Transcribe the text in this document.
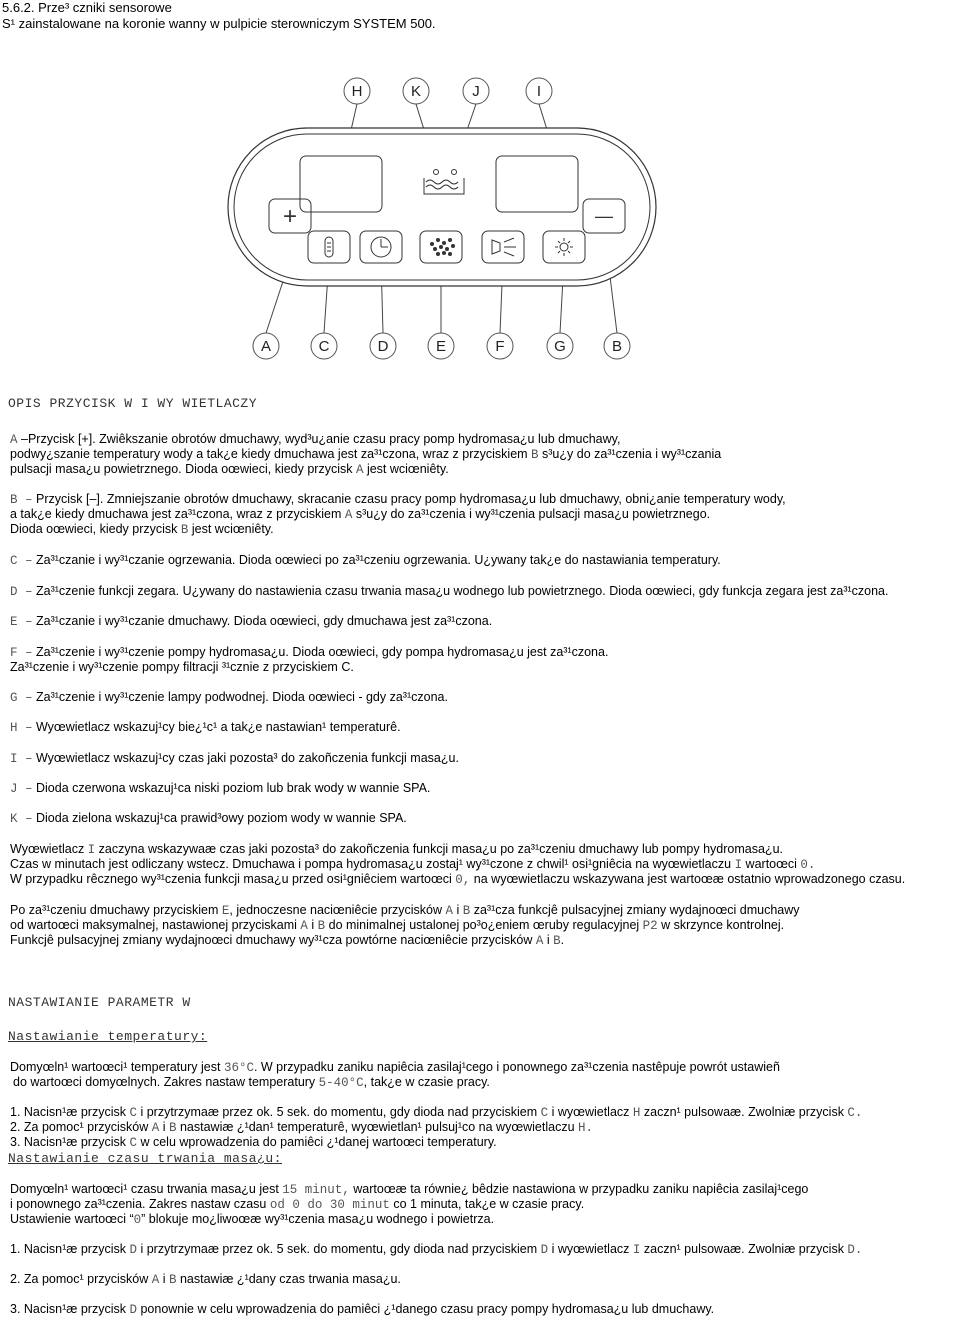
5.6.2. Prze³ czniki sensorowe
S¹ zainstalowane na koronie wanny w pulpicie sterowniczym SYSTEM 500.
H	K	J	I
+	—
A	C	D	E	F	G	B
OPIS PRZYCISK W I WY WIETLACZY
A –Przycisk [+]. Zwiêkszanie obrotów dmuchawy, wyd³u¿anie czasu pracy pomp hydromasa¿u lub dmuchawy,
podwy¿szanie temperatury wody a tak¿e kiedy dmuchawa jest za³¹czona, wraz z przyciskiem B s³u¿y do za³¹czenia i wy³¹czania
pulsacji masa¿u powietrznego. Dioda oœwieci, kiedy przycisk A jest wciœniêty.
B – Przycisk [–]. Zmniejszanie obrotów dmuchawy, skracanie czasu pracy pomp hydromasa¿u lub dmuchawy, obni¿anie temperatury wody,
a tak¿e kiedy dmuchawa jest za³¹czona, wraz z przyciskiem A s³u¿y do za³¹czenia i wy³¹czenia pulsacji masa¿u powietrznego.
Dioda oœwieci, kiedy przycisk B jest wciœniêty.
C – Za³¹czanie i wy³¹czanie ogrzewania. Dioda oœwieci po za³¹czeniu ogrzewania. U¿ywany tak¿e do nastawiania temperatury.
D – Za³¹czenie funkcji zegara. U¿ywany do nastawienia czasu trwania masa¿u wodnego lub powietrznego. Dioda oœwieci, gdy funkcja zegara jest za³¹czona.
E – Za³¹czanie i wy³¹czanie dmuchawy. Dioda oœwieci, gdy dmuchawa jest za³¹czona.
F – Za³¹czenie i wy³¹czenie pompy hydromasa¿u. Dioda oœwieci, gdy pompa hydromasa¿u jest za³¹czona.
Za³¹czenie i wy³¹czenie pompy filtracji ³¹cznie z przyciskiem C.
G – Za³¹czenie i wy³¹czenie lampy podwodnej. Dioda oœwieci - gdy za³¹czona.
H – Wyœwietlacz wskazuj¹cy bie¿¹c¹ a tak¿e nastawian¹ temperaturê.
I – Wyœwietlacz wskazuj¹cy czas jaki pozosta³ do zakoñczenia funkcji masa¿u.
J – Dioda czerwona wskazuj¹ca niski poziom lub brak wody w wannie SPA.
K – Dioda zielona wskazuj¹ca prawid³owy poziom wody w wannie SPA.
Wyœwietlacz I zaczyna wskazywaæ czas jaki pozosta³ do zakoñczenia funkcji masa¿u po za³¹czeniu dmuchawy lub pompy hydromasa¿u.
Czas w minutach jest odliczany wstecz. Dmuchawa i pompa hydromasa¿u zostaj¹ wy³¹czone z chwil¹ osi¹gniêcia na wyœwietlaczu I wartoœci 0.
W przypadku rêcznego wy³¹czenia funkcji masa¿u przed osi¹gniêciem wartoœci 0, na wyœwietlaczu wskazywana jest wartoœæ ostatnio wprowadzonego czasu.
Po za³¹czeniu dmuchawy przyciskiem E, jednoczesne naciœniêcie przycisków A i B za³¹cza funkcjê pulsacyjnej zmiany wydajnoœci dmuchawy
od wartoœci maksymalnej, nastawionej przyciskami A i B do minimalnej ustalonej po³o¿eniem œruby regulacyjnej P2 w skrzynce kontrolnej.
Funkcjê pulsacyjnej zmiany wydajnoœci dmuchawy wy³¹cza powtórne naciœniêcie przycisków A i B.
NASTAWIANIE PARAMETR W
Nastawianie temperatury:
Domyœln¹ wartoœci¹ temperatury jest 36°C. W przypadku zaniku napiêcia zasilaj¹cego i ponownego za³¹czenia nastêpuje powrót ustawieñ
do wartoœci domyœlnych. Zakres nastaw temperatury 5-40°C, tak¿e w czasie pracy.
1. Nacisn¹æ przycisk C i przytrzymaæ przez ok. 5 sek. do momentu, gdy dioda nad przyciskiem C i wyœwietlacz H zaczn¹ pulsowaæ. Zwolniæ przycisk C.
2. Za pomoc¹ przycisków A i B nastawiæ ¿¹dan¹ temperaturê, wyœwietlan¹ pulsuj¹co na wyœwietlaczu H.
3. Nacisn¹æ przycisk C w celu wprowadzenia do pamiêci ¿¹danej wartoœci temperatury.
Nastawianie czasu trwania masa¿u:
Domyœln¹ wartoœci¹ czasu trwania masa¿u jest 15 minut, wartoœæ ta równie¿ bêdzie nastawiona w przypadku zaniku napiêcia zasilaj¹cego
i ponownego za³¹czenia. Zakres nastaw czasu od 0 do 30 minut co 1 minuta, tak¿e w czasie pracy.
Ustawienie wartoœci “0” blokuje mo¿liwoœæ wy³¹czenia masa¿u wodnego i powietrza.
1. Nacisn¹æ przycisk D i przytrzymaæ przez ok. 5 sek. do momentu, gdy dioda nad przyciskiem D i wyœwietlacz I zaczn¹ pulsowaæ. Zwolniæ przycisk D.
2. Za pomoc¹ przycisków A i B nastawiæ ¿¹dany czas trwania masa¿u.
3. Nacisn¹æ przycisk D ponownie w celu wprowadzenia do pamiêci ¿¹danego czasu pracy pompy hydromasa¿u lub dmuchawy.
